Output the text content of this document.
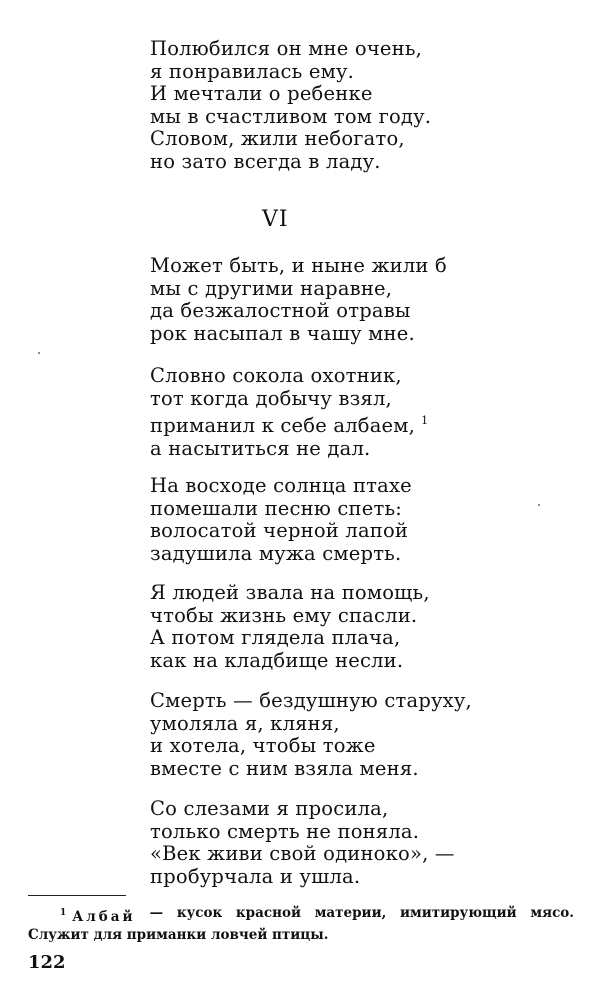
Полюбился он мне очень,
я понравилась ему.
И мечтали о ребенке
мы в счастливом том году.
Словом, жили небогато,
но зато всегда в ладу.
VI
Может быть, и ныне жили б
мы с другими наравне,
да безжалостной отравы
рок насыпал в чашу мне.
Словно сокола охотник,
тот когда добычу взял,
приманил к себе албаем, $^1$
а насытиться не дал.
На восходе солнца птахе
помешали песню спеть:
волосатой черной лапой
задушила мужа смерть.
Я людей звала на помощь,
чтобы жизнь ему спасли.
А потом глядела плача,
как на кладбище несли.
Смерть — бездушную старуху,
умоляла я, кляня,
и хотела, чтобы тоже
вместе с ним взяла меня.
Со слезами я просила,
только смерть не поняла.
«Век живи свой одиноко», —
пробурчала и ушла.
$^1$ Албай — кусок красной материи, имитирующий мясо.
Служит для приманки ловчей птицы.
122
